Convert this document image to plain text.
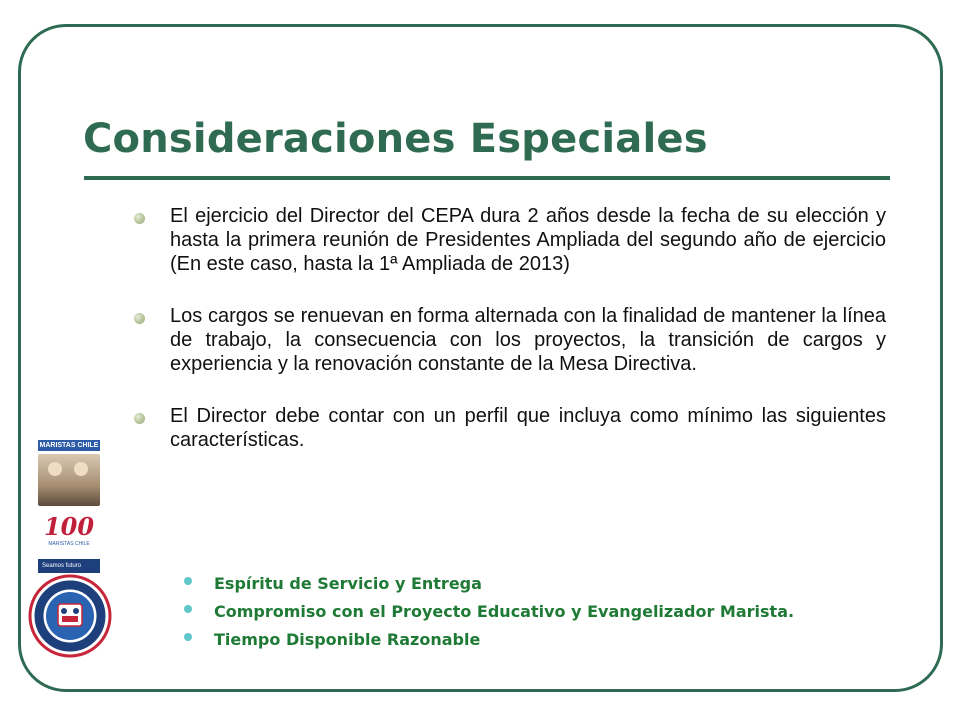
Consideraciones Especiales
El ejercicio del Director del CEPA dura 2 años desde la fecha de su elección y hasta la primera reunión de Presidentes Ampliada del segundo año de ejercicio (En este caso, hasta la 1ª Ampliada de 2013)
Los cargos se renuevan en forma alternada con la finalidad de mantener la línea de trabajo, la consecuencia con los proyectos, la transición de cargos y experiencia y la renovación constante de la Mesa Directiva.
El Director debe contar con un perfil que incluya como mínimo las siguientes características.
Espíritu de Servicio y Entrega
Compromiso con el Proyecto Educativo y Evangelizador Marista.
Tiempo Disponible Razonable
MARISTAS CHILE
100
MARISTAS CHILE
Seamos futuro
